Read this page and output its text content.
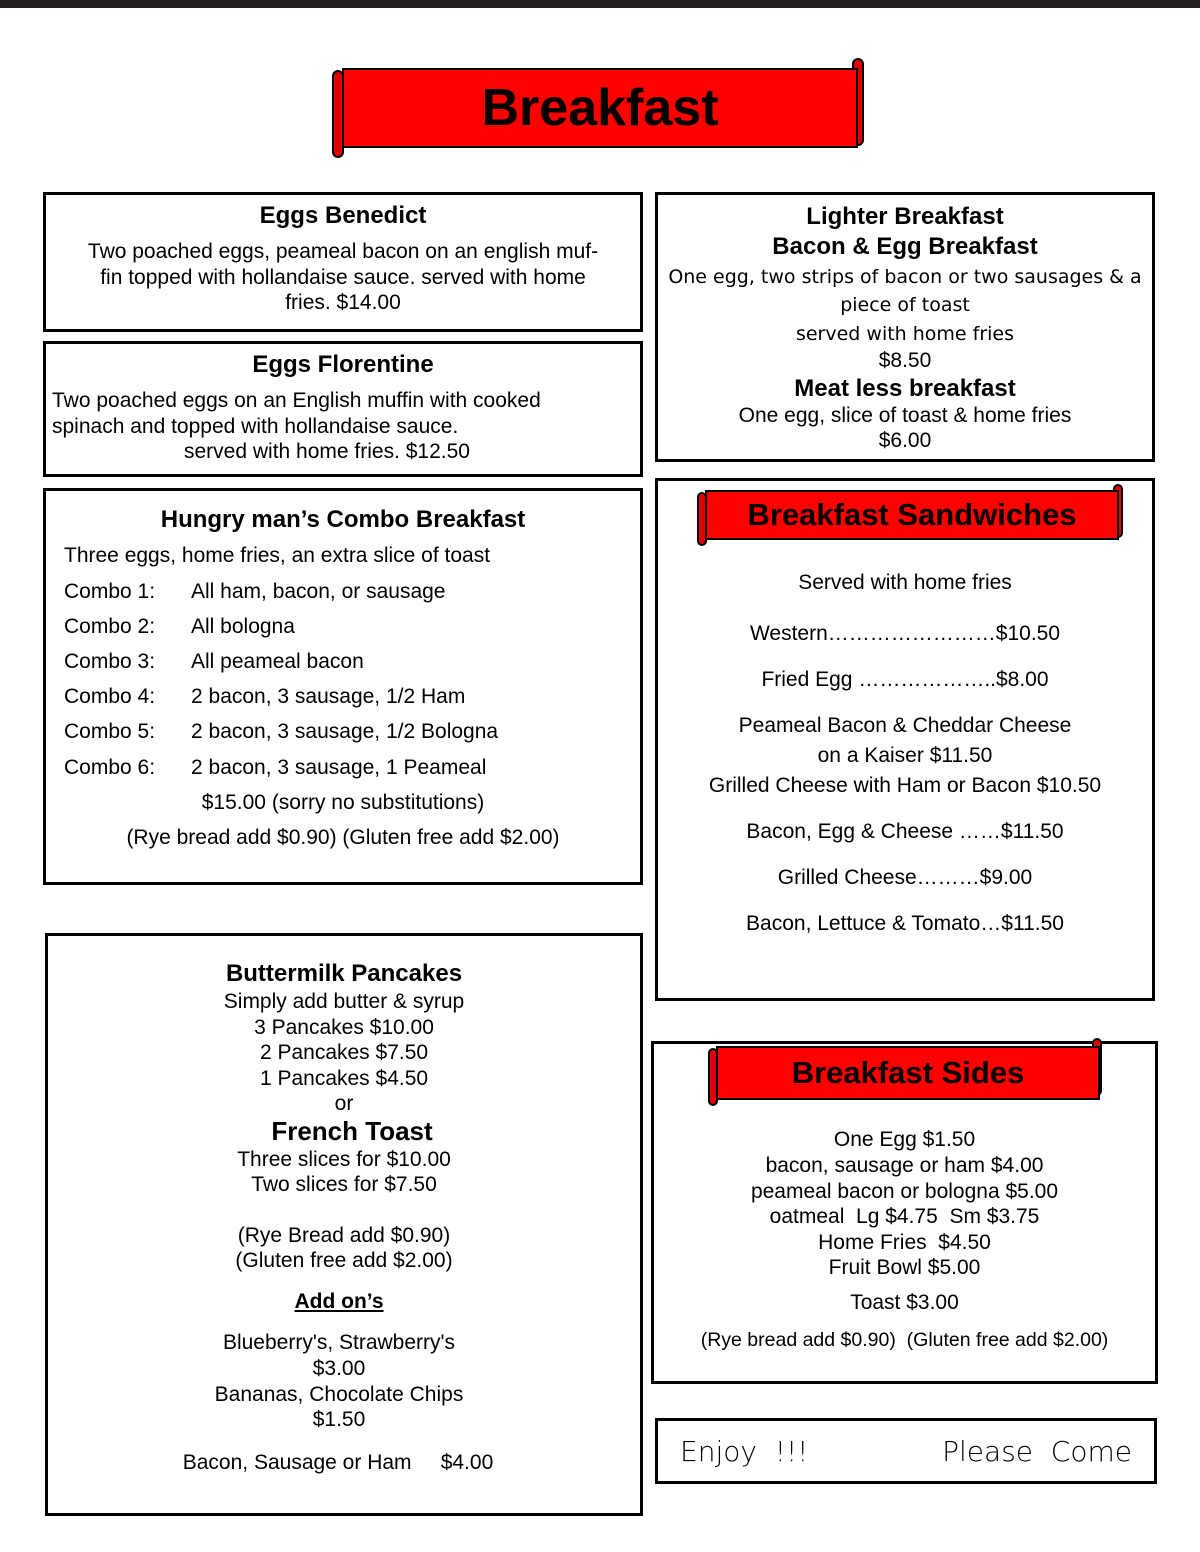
Breakfast
Eggs Benedict
Two poached eggs, peameal bacon on an english muf-
fin topped with hollandaise sauce. served with home
fries. $14.00
Eggs Florentine
Two poached eggs on an English muffin with cooked
spinach and topped with hollandaise sauce.
served with home fries. $12.50
Hungry man’s Combo Breakfast
Three eggs, home fries, an extra slice of toast
Combo 1: All ham, bacon, or sausage
Combo 2: All bologna
Combo 3: All peameal bacon
Combo 4: 2 bacon, 3 sausage, 1/2 Ham
Combo 5: 2 bacon, 3 sausage, 1/2 Bologna
Combo 6: 2 bacon, 3 sausage, 1 Peameal
$15.00 (sorry no substitutions)
(Rye bread add $0.90) (Gluten free add $2.00)
Buttermilk Pancakes
Simply add butter & syrup
3 Pancakes $10.00
2 Pancakes $7.50
1 Pancakes $4.50
or
French Toast
Three slices for $10.00
Two slices for $7.50
(Rye Bread add $0.90)
(Gluten free add $2.00)
Add on’s
Blueberry's, Strawberry's
$3.00
Bananas, Chocolate Chips
$1.50
Bacon, Sausage or Ham     $4.00
Lighter Breakfast
Bacon & Egg Breakfast
One egg, two strips of bacon or two sausages & a
piece of toast
served with home fries
$8.50
Meat less breakfast
One egg, slice of toast & home fries
$6.00
Breakfast Sandwiches
Served with home fries
Western……………………$10.50
Fried Egg ………………..$8.00
Peameal Bacon & Cheddar Cheese
on a Kaiser $11.50
Grilled Cheese with Ham or Bacon $10.50
Bacon, Egg & Cheese ……$11.50
Grilled Cheese………$9.00
Bacon, Lettuce & Tomato…$11.50
Breakfast Sides
One Egg $1.50
bacon, sausage or ham $4.00
peameal bacon or bologna $5.00
oatmeal  Lg $4.75  Sm $3.75
Home Fries  $4.50
Fruit Bowl $5.00
Toast $3.00
(Rye bread add $0.90)  (Gluten free add $2.00)
Enjoy  !!!	Please  Come
